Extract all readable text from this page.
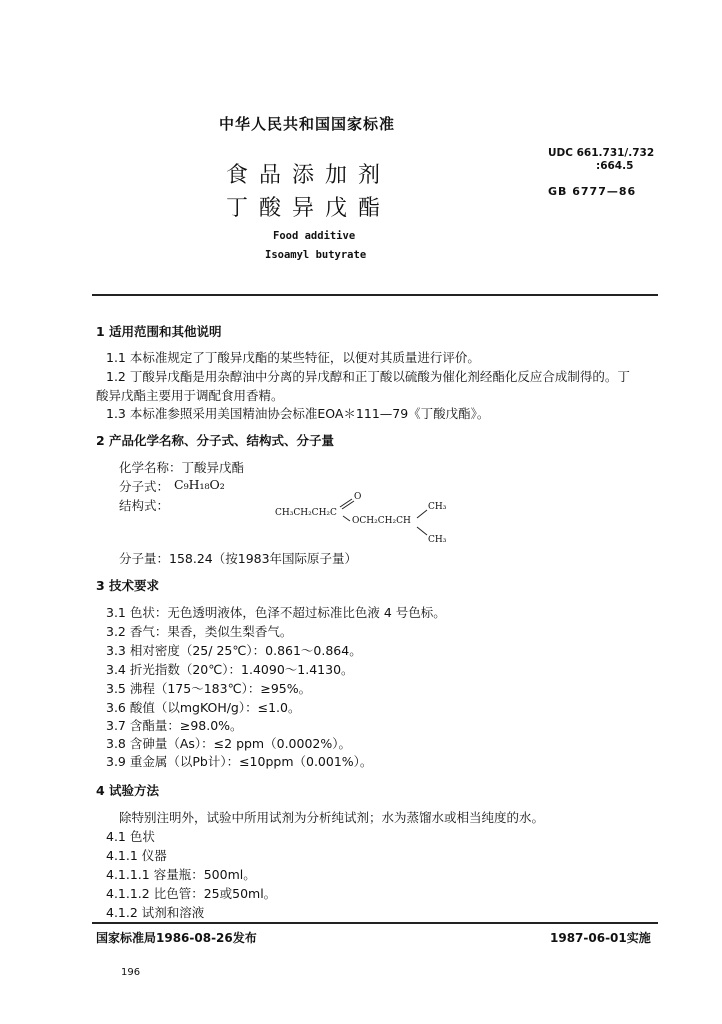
中华人民共和国国家标准
UDC 661.731/.732
:664.5
GB 6777—86
食 品 添 加 剂
丁 酸 异 戊 酯
Food additive
Isoamyl butyrate
1 适用范围和其他说明
1.1 本标准规定了丁酸异戊酯的某些特征，以便对其质量进行评价。
1.2 丁酸异戊酯是用杂醇油中分离的异戊醇和正丁酸以硫酸为催化剂经酯化反应合成制得的。丁
酸异戊酯主要用于调配食用香精。
1.3 本标准参照采用美国精油协会标准EOA＊111—79《丁酸戊酯》。
2 产品化学名称、分子式、结构式、分子量
化学名称：丁酸异戊酯
分子式： C₉H₁₈O₂
结构式：	CH₃CH₂CH₂C
O
OCH₂CH₂CH
CH₃
CH₃
分子量：158.24（按1983年国际原子量）
3 技术要求
3.1 色状：无色透明液体，色泽不超过标准比色液 4 号色标。
3.2 香气：果香，类似生梨香气。
3.3 相对密度（25/ 25℃）：0.861～0.864。
3.4 折光指数（20℃）：1.4090～1.4130。
3.5 沸程（175～183℃）：≥95%。
3.6 酸值（以mgKOH/g）：≤1.0。
3.7 含酯量：≥98.0%。
3.8 含砷量（As）：≤2 ppm（0.0002%）。
3.9 重金属（以Pb计）：≤10ppm（0.001%）。
4 试验方法
除特别注明外，试验中所用试剂为分析纯试剂；水为蒸馏水或相当纯度的水。
4.1 色状
4.1.1 仪器
4.1.1.1 容量瓶：500ml。
4.1.1.2 比色管：25或50ml。
4.1.2 试剂和溶液
国家标准局1986-08-26发布	1987-06-01实施
196
